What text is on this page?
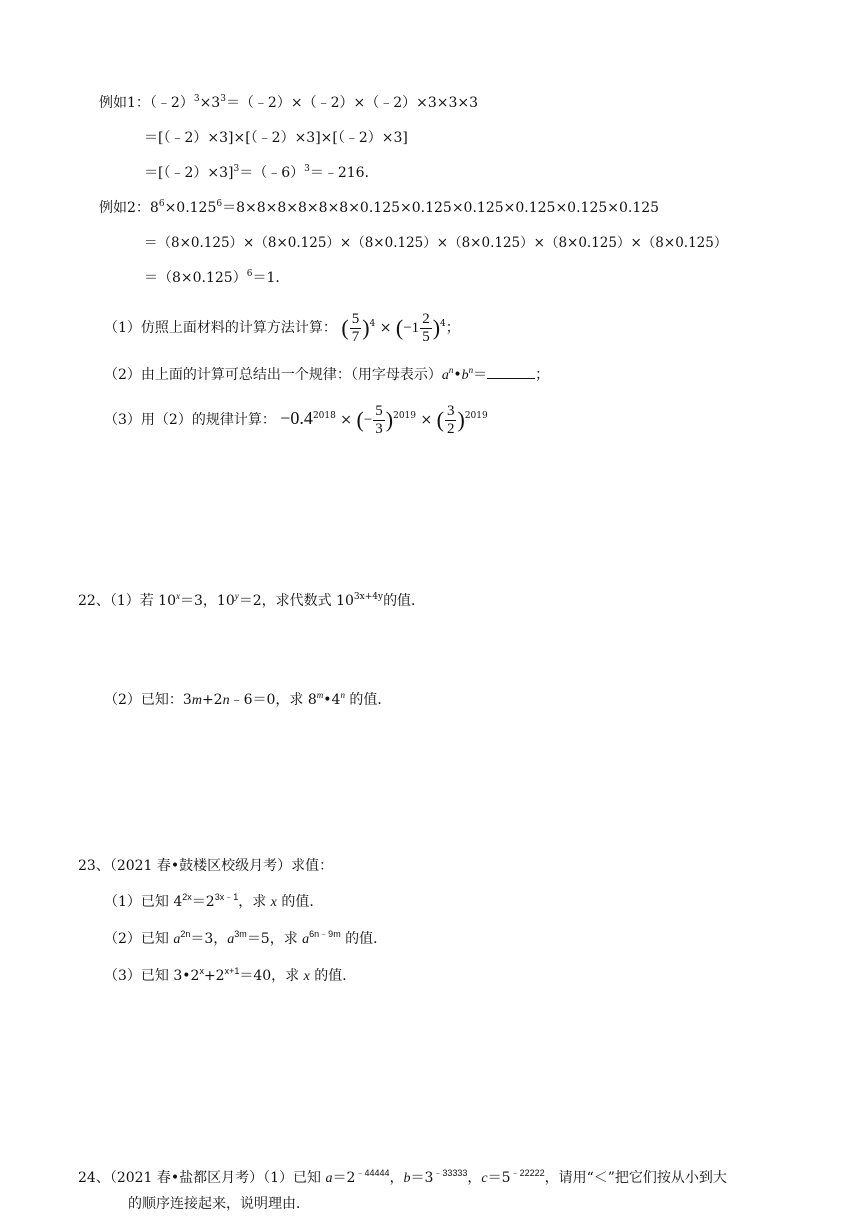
例如1：$(﹣2)^3\times 3^3=(﹣2)\times(﹣2)\times(﹣2)\times 3\times 3\times 3$
＝[（﹣2）×3]×[（﹣2）×3]×[（﹣2）×3]
＝[（﹣2）×3]$^3$＝（﹣6）$^3$＝﹣216．
例如2：$8^6\times 0.125^6=8\times 8\times 8\times 8\times 8\times 8\times 0.125\times 0.125\times 0.125\times 0.125\times 0.125\times 0.125$
＝（8×0.125）×（8×0.125）×（8×0.125）×（8×0.125）×（8×0.125）×（8×0.125）
$=(8\times 0.125)^6=1$．
（1）仿照上面材料的计算方法计算： ( $\frac{5}{7} )^4 \times (-1 \frac{2}{5} )^4$；
（2）由上面的计算可总结出一个规律：（用字母表示）$a^n•b^n=$	；
（3）用（2）的规律计算： $-0.4^{2018}$ × (− $\frac{5}{3} )^{2019}$ × ( $\frac{3}{2} )^{2019}$
22、（1）若 $10^x=3$，$10^y=2$，求代数式 $10^{3x+4y}$的值．
（2）已知：3m+2n﹣6＝0，求 8$^m$•4$^n$ 的值．
23、（2021 春•鼓楼区校级月考）求值：
（1）已知 $4^{2x}=2^{3x﹣1}$，求 x 的值．
（2）已知 $a^{2n}=3$，$a^{3m}=5$，求 $a^{6n﹣9m}$ 的值．
（3）已知 $3•2^x+2^{x+1}=40$，求 x 的值．
24、（2021 春•盐都区月考）（1）已知 $a=2^{﹣44444}$，$b=3^{﹣33333}$，$c=5^{﹣22222}$，请用“＜”把它们按从小到大
的顺序连接起来，说明理由．
